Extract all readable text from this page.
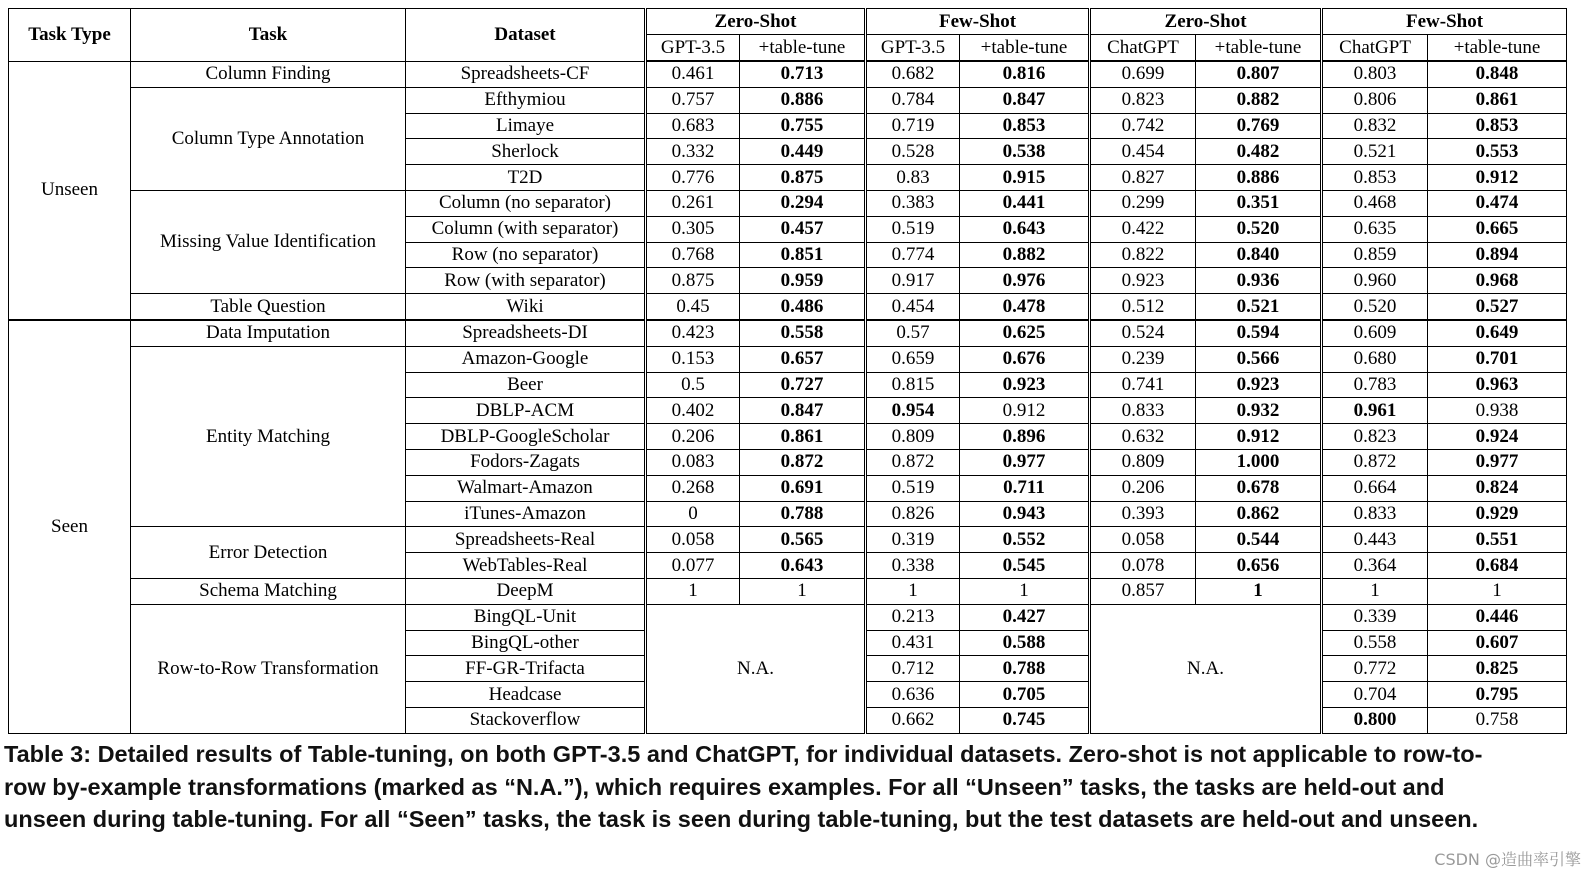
Task Type	Task	Dataset	Zero-Shot		Few-Shot		Zero-Shot		Few-Shot	
			GPT-3.5	+table-tune	GPT-3.5	+table-tune	ChatGPT	+table-tune	ChatGPT	+table-tune
Unseen	Column Finding	Spreadsheets-CF	0.461	0.713	0.682	0.816	0.699	0.807	0.803	0.848
	Column Type Annotation	Efthymiou	0.757	0.886	0.784	0.847	0.823	0.882	0.806	0.861
		Limaye	0.683	0.755	0.719	0.853	0.742	0.769	0.832	0.853
		Sherlock	0.332	0.449	0.528	0.538	0.454	0.482	0.521	0.553
		T2D	0.776	0.875	0.83	0.915	0.827	0.886	0.853	0.912
	Missing Value Identification	Column (no separator)	0.261	0.294	0.383	0.441	0.299	0.351	0.468	0.474
		Column (with separator)	0.305	0.457	0.519	0.643	0.422	0.520	0.635	0.665
		Row (no separator)	0.768	0.851	0.774	0.882	0.822	0.840	0.859	0.894
		Row (with separator)	0.875	0.959	0.917	0.976	0.923	0.936	0.960	0.968
	Table Question	Wiki	0.45	0.486	0.454	0.478	0.512	0.521	0.520	0.527
Seen	Data Imputation	Spreadsheets-DI	0.423	0.558	0.57	0.625	0.524	0.594	0.609	0.649
	Entity Matching	Amazon-Google	0.153	0.657	0.659	0.676	0.239	0.566	0.680	0.701
		Beer	0.5	0.727	0.815	0.923	0.741	0.923	0.783	0.963
		DBLP-ACM	0.402	0.847	0.954	0.912	0.833	0.932	0.961	0.938
		DBLP-GoogleScholar	0.206	0.861	0.809	0.896	0.632	0.912	0.823	0.924
		Fodors-Zagats	0.083	0.872	0.872	0.977	0.809	1.000	0.872	0.977
		Walmart-Amazon	0.268	0.691	0.519	0.711	0.206	0.678	0.664	0.824
		iTunes-Amazon	0	0.788	0.826	0.943	0.393	0.862	0.833	0.929
	Error Detection	Spreadsheets-Real	0.058	0.565	0.319	0.552	0.058	0.544	0.443	0.551
		WebTables-Real	0.077	0.643	0.338	0.545	0.078	0.656	0.364	0.684
	Schema Matching	DeepM	1	1	1	1	0.857	1	1	1
	Row-to-Row Transformation	BingQL-Unit	N.A.		0.213	0.427	N.A.		0.339	0.446
		BingQL-other			0.431	0.588			0.558	0.607
		FF-GR-Trifacta			0.712	0.788			0.772	0.825
		Headcase			0.636	0.705			0.704	0.795
		Stackoverflow			0.662	0.745			0.800	0.758
Table 3: Detailed results of Table-tuning, on both GPT-3.5 and ChatGPT, for individual datasets. Zero-shot is not applicable to row-to-row by-example transformations (marked as “N.A.”), which requires examples. For all “Unseen” tasks, the tasks are held-out and unseen during table-tuning. For all “Seen” tasks, the task is seen during table-tuning, but the test datasets are held-out and unseen.
CSDN @造曲率引擎
